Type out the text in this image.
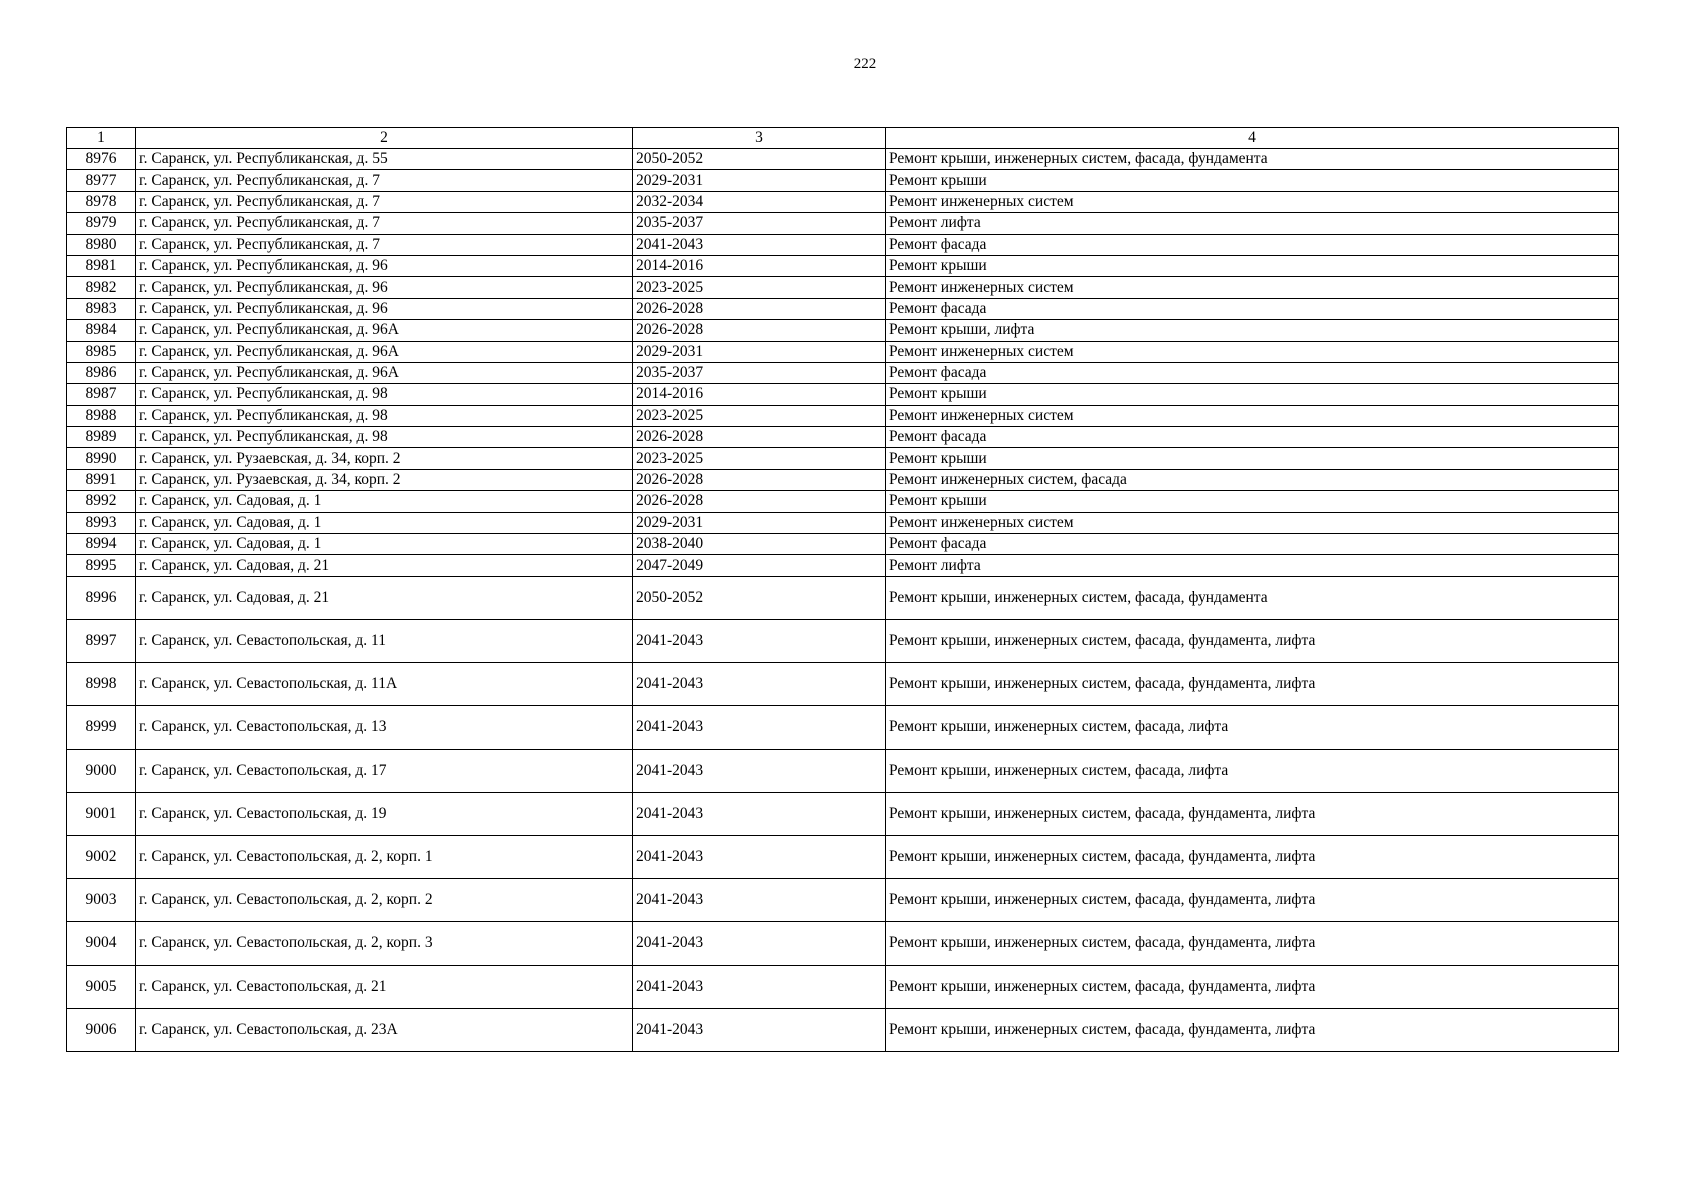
222
1	2	3	4
8976	г. Саранск, ул. Республиканская, д. 55	2050-2052	Ремонт крыши, инженерных систем, фасада, фундамента
8977	г. Саранск, ул. Республиканская, д. 7	2029-2031	Ремонт крыши
8978	г. Саранск, ул. Республиканская, д. 7	2032-2034	Ремонт инженерных систем
8979	г. Саранск, ул. Республиканская, д. 7	2035-2037	Ремонт лифта
8980	г. Саранск, ул. Республиканская, д. 7	2041-2043	Ремонт фасада
8981	г. Саранск, ул. Республиканская, д. 96	2014-2016	Ремонт крыши
8982	г. Саранск, ул. Республиканская, д. 96	2023-2025	Ремонт инженерных систем
8983	г. Саранск, ул. Республиканская, д. 96	2026-2028	Ремонт фасада
8984	г. Саранск, ул. Республиканская, д. 96А	2026-2028	Ремонт крыши, лифта
8985	г. Саранск, ул. Республиканская, д. 96А	2029-2031	Ремонт инженерных систем
8986	г. Саранск, ул. Республиканская, д. 96А	2035-2037	Ремонт фасада
8987	г. Саранск, ул. Республиканская, д. 98	2014-2016	Ремонт крыши
8988	г. Саранск, ул. Республиканская, д. 98	2023-2025	Ремонт инженерных систем
8989	г. Саранск, ул. Республиканская, д. 98	2026-2028	Ремонт фасада
8990	г. Саранск, ул. Рузаевская, д. 34, корп. 2	2023-2025	Ремонт крыши
8991	г. Саранск, ул. Рузаевская, д. 34, корп. 2	2026-2028	Ремонт инженерных систем, фасада
8992	г. Саранск, ул. Садовая, д. 1	2026-2028	Ремонт крыши
8993	г. Саранск, ул. Садовая, д. 1	2029-2031	Ремонт инженерных систем
8994	г. Саранск, ул. Садовая, д. 1	2038-2040	Ремонт фасада
8995	г. Саранск, ул. Садовая, д. 21	2047-2049	Ремонт лифта
8996	г. Саранск, ул. Садовая, д. 21	2050-2052	Ремонт крыши, инженерных систем, фасада, фундамента
8997	г. Саранск, ул. Севастопольская, д. 11	2041-2043	Ремонт крыши, инженерных систем, фасада, фундамента, лифта
8998	г. Саранск, ул. Севастопольская, д. 11А	2041-2043	Ремонт крыши, инженерных систем, фасада, фундамента, лифта
8999	г. Саранск, ул. Севастопольская, д. 13	2041-2043	Ремонт крыши, инженерных систем, фасада, лифта
9000	г. Саранск, ул. Севастопольская, д. 17	2041-2043	Ремонт крыши, инженерных систем, фасада, лифта
9001	г. Саранск, ул. Севастопольская, д. 19	2041-2043	Ремонт крыши, инженерных систем, фасада, фундамента, лифта
9002	г. Саранск, ул. Севастопольская, д. 2, корп. 1	2041-2043	Ремонт крыши, инженерных систем, фасада, фундамента, лифта
9003	г. Саранск, ул. Севастопольская, д. 2, корп. 2	2041-2043	Ремонт крыши, инженерных систем, фасада, фундамента, лифта
9004	г. Саранск, ул. Севастопольская, д. 2, корп. 3	2041-2043	Ремонт крыши, инженерных систем, фасада, фундамента, лифта
9005	г. Саранск, ул. Севастопольская, д. 21	2041-2043	Ремонт крыши, инженерных систем, фасада, фундамента, лифта
9006	г. Саранск, ул. Севастопольская, д. 23А	2041-2043	Ремонт крыши, инженерных систем, фасада, фундамента, лифта
